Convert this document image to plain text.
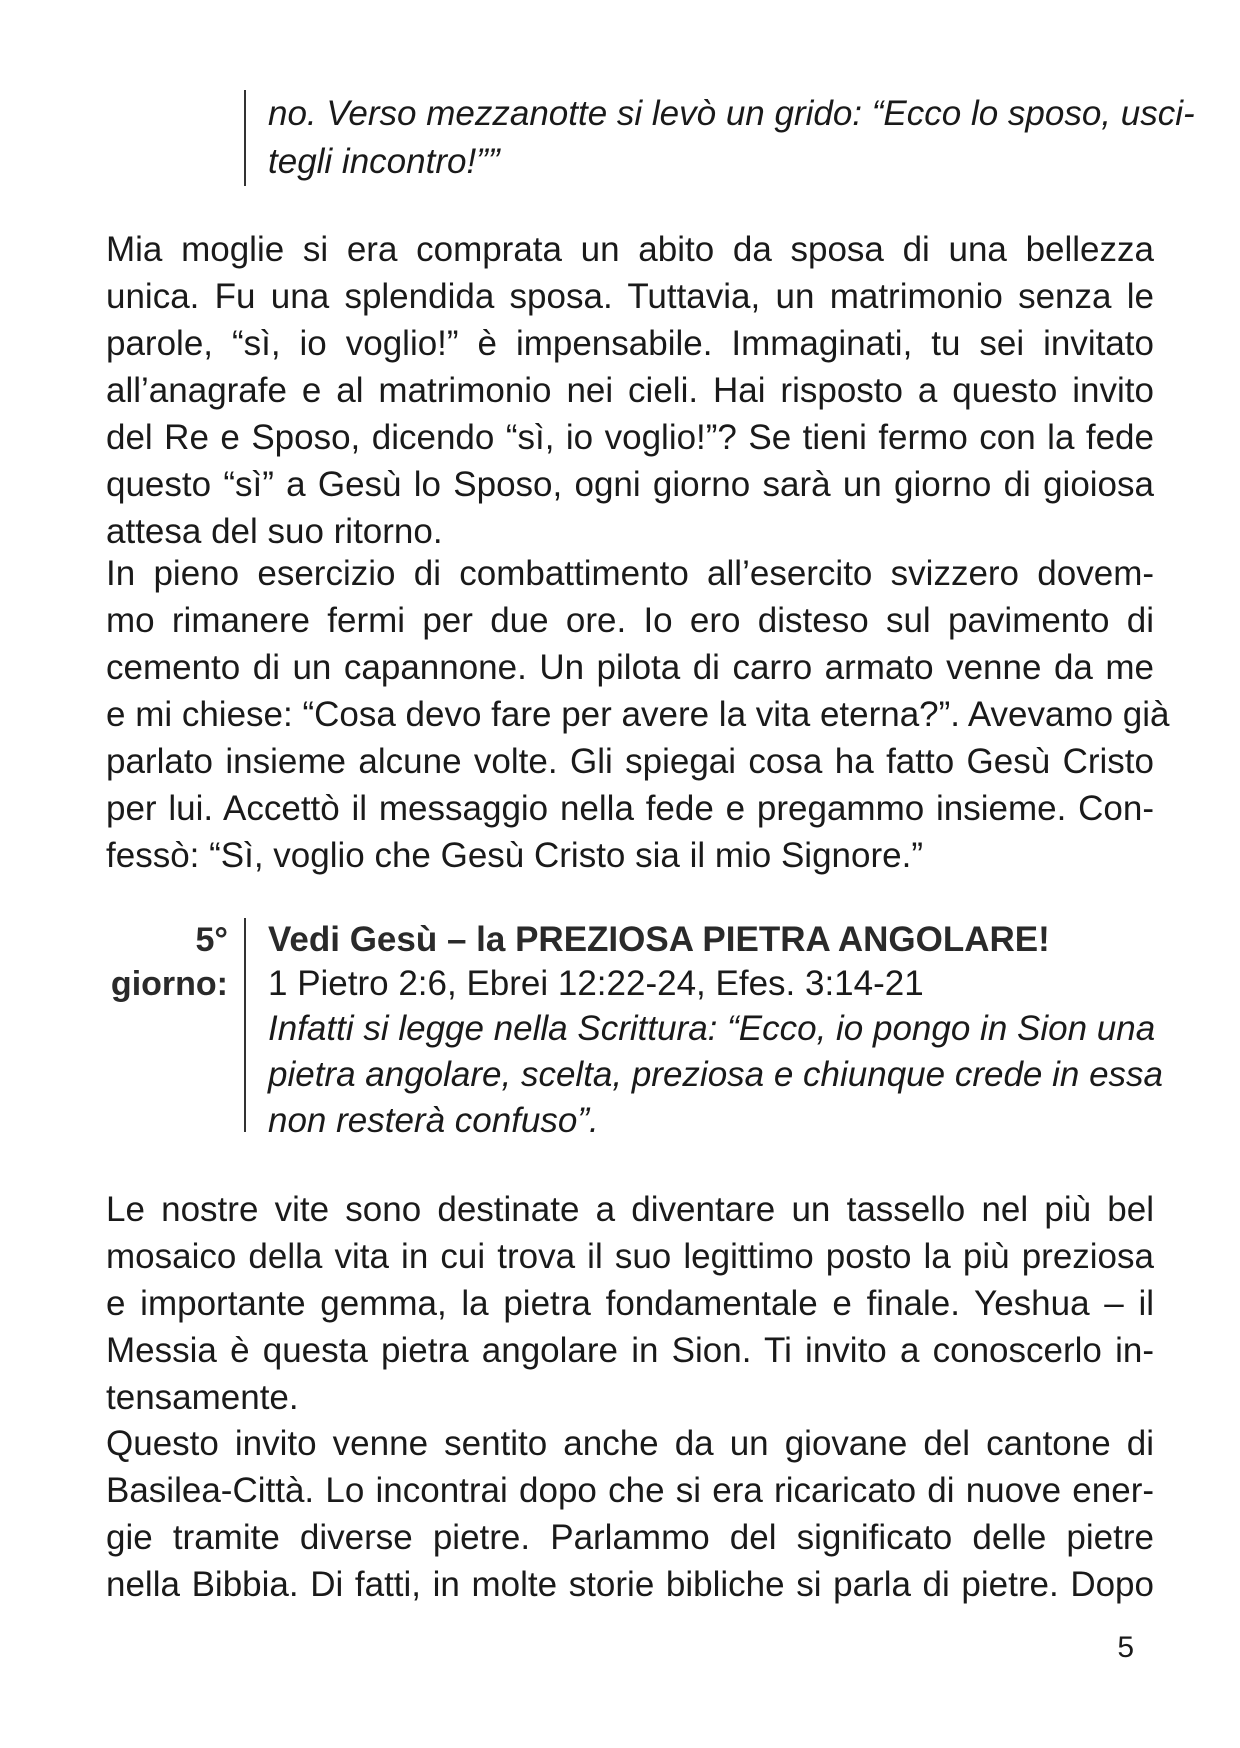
no. Verso mezzanotte si levò un grido: “Ecco lo sposo, usci-
tegli incontro!””
Mia moglie si era comprata un abito da sposa di una bellezza
unica. Fu una splendida sposa. Tuttavia, un matrimonio senza le
parole, “sì, io voglio!” è impensabile. Immaginati, tu sei invitato
all’anagrafe e al matrimonio nei cieli. Hai risposto a questo invito
del Re e Sposo, dicendo “sì, io voglio!”? Se tieni fermo con la fede
questo “sì” a Gesù lo Sposo, ogni giorno sarà un giorno di gioiosa
attesa del suo ritorno.
In pieno esercizio di combattimento all’esercito svizzero dovem-
mo rimanere fermi per due ore. Io ero disteso sul pavimento di
cemento di un capannone. Un pilota di carro armato venne da me
e mi chiese: “Cosa devo fare per avere la vita eterna?”. Avevamo già
parlato insieme alcune volte. Gli spiegai cosa ha fatto Gesù Cristo
per lui. Accettò il messaggio nella fede e pregammo insieme. Con-
fessò: “Sì, voglio che Gesù Cristo sia il mio Signore.”
5°
giorno:
Vedi Gesù – la PREZIOSA PIETRA ANGOLARE!
1 Pietro 2:6, Ebrei 12:22-24, Efes. 3:14-21
Infatti si legge nella Scrittura: “Ecco, io pongo in Sion una
pietra angolare, scelta, preziosa e chiunque crede in essa
non resterà confuso”.
Le nostre vite sono destinate a diventare un tassello nel più bel
mosaico della vita in cui trova il suo legittimo posto la più preziosa
e importante gemma, la pietra fondamentale e finale. Yeshua – il
Messia è questa pietra angolare in Sion. Ti invito a conoscerlo in-
tensamente.
Questo invito venne sentito anche da un giovane del cantone di
Basilea-Città. Lo incontrai dopo che si era ricaricato di nuove ener-
gie tramite diverse pietre. Parlammo del significato delle pietre
nella Bibbia. Di fatti, in molte storie bibliche si parla di pietre. Dopo
5
